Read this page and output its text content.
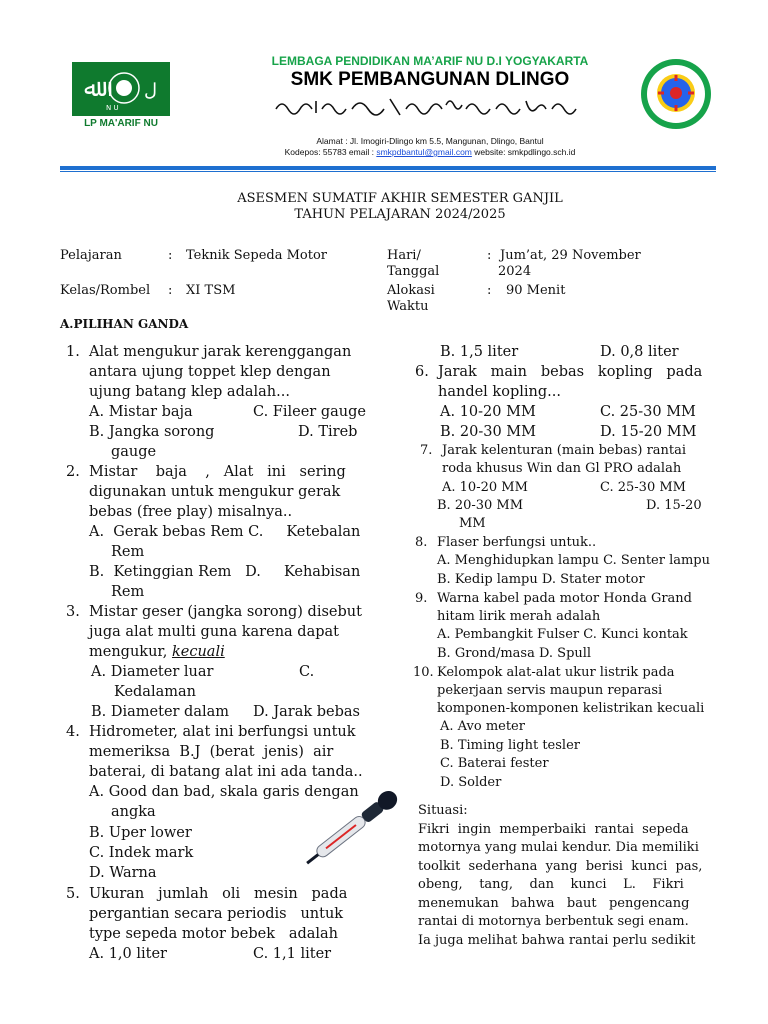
ﷲ
N U
ﻝ
LP MA'ARIF NU
LEMBAGA PENDIDIKAN MA’ARIF NU D.I YOGYAKARTA
SMK PEMBANGUNAN DLINGO
Alamat : Jl. Imogiri-Dlingo km 5.5, Mangunan, Dlingo, Bantul
Kodepos: 55783 email : smkpdbantul@gmail.com website: smkpdlingo.sch.id
ASESMEN SUMATIF AKHIR SEMESTER GANJIL
TAHUN PELAJARAN 2024/2025
Pelajaran	: Teknik Sepeda Motor
Kelas/Rombel : XI TSM
Hari/
Tanggal
: Jum’at, 29 November
2024
Alokasi
Waktu
: 90 Menit
A.PILIHAN GANDA
1. Alat mengukur jarak kerenggangan
antara ujung toppet klep dengan
ujung batang klep adalah...
A. Mistar baja	C. Fileer gauge
B. Jangka sorong	D. Tireb
gauge
2. Mistar    baja    ,   Alat   ini   sering
digunakan untuk mengukur gerak
bebas (free play) misalnya..
A.  Gerak bebas Rem C.     Ketebalan
Rem
B.  Ketinggian Rem   D.     Kehabisan
Rem
3. Mistar geser (jangka sorong) disebut
juga alat multi guna karena dapat
mengukur, kecuali
A. Diameter luar	C.
Kedalaman
B. Diameter dalam D. Jarak bebas
4. Hidrometer, alat ini berfungsi untuk
memeriksa  B.J  (berat  jenis)  air
baterai, di batang alat ini ada tanda..
A. Good dan bad, skala garis dengan
angka
B. Uper lower
C. Indek mark
D. Warna
5. Ukuran   jumlah   oli   mesin   pada
pergantian secara periodis   untuk
type sepeda motor bebek   adalah
A. 1,0 liter	C. 1,1 liter
B. 1,5 liter	D. 0,8 liter
6. Jarak   main   bebas   kopling   pada
handel kopling...
A. 10-20 MM	C. 25-30 MM
B. 20-30 MM	D. 15-20 MM
7. Jarak kelenturan (main bebas) rantai
roda khusus Win dan Gl PRO adalah
A. 10-20 MM	C. 25-30 MM
B. 20-30 MM	D. 15-20
MM
8. Flaser berfungsi untuk..
A. Menghidupkan lampu C. Senter lampu
B. Kedip lampu D. Stater motor
9. Warna kabel pada motor Honda Grand
hitam lirik merah adalah
A. Pembangkit Fulser C. Kunci kontak
B. Grond/masa D. Spull
10. Kelompok alat-alat ukur listrik pada
pekerjaan servis maupun reparasi
komponen-komponen kelistrikan kecuali
A. Avo meter
B. Timing light tesler
C. Baterai fester
D. Solder
Situasi:
Fikri  ingin  memperbaiki  rantai  sepeda
motornya yang mulai kendur. Dia memiliki
toolkit  sederhana  yang  berisi  kunci  pas,
obeng,    tang,    dan    kunci    L.    Fikri
menemukan   bahwa   baut   pengencang
rantai di motornya berbentuk segi enam.
Ia juga melihat bahwa rantai perlu sedikit
